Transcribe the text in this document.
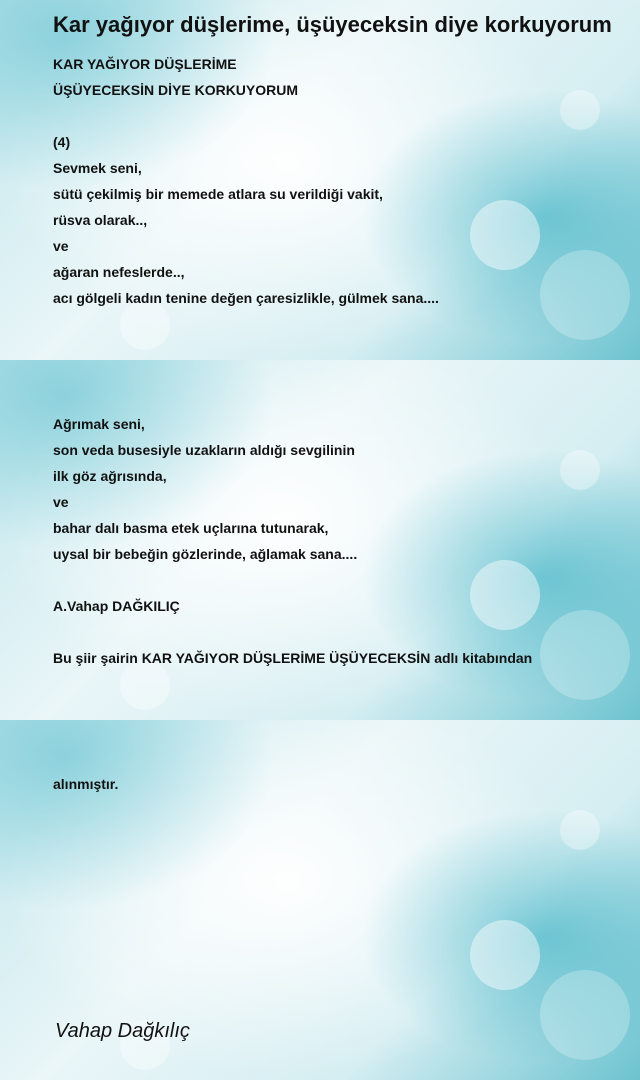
Kar yağıyor düşlerime, üşüyeceksin diye korkuyorum
KAR YAĞIYOR DÜŞLERİME
ÜŞÜYECEKSİN DİYE KORKUYORUM
(4)
Sevmek seni,
sütü çekilmiş bir memede atlara su verildiği vakit,
rüsva olarak..,
ve
ağaran nefeslerde..,
acı gölgeli kadın tenine değen çaresizlikle, gülmek sana....
Ağrımak seni,
son veda busesiyle uzakların aldığı sevgilinin
ilk göz ağrısında,
ve
bahar dalı basma etek uçlarına tutunarak,
uysal bir bebeğin gözlerinde, ağlamak sana....
A.Vahap DAĞKILIÇ
Bu şiir şairin KAR YAĞIYOR DÜŞLERİME ÜŞÜYECEKSİN adlı kitabından
alınmıştır.
Vahap Dağkılıç
